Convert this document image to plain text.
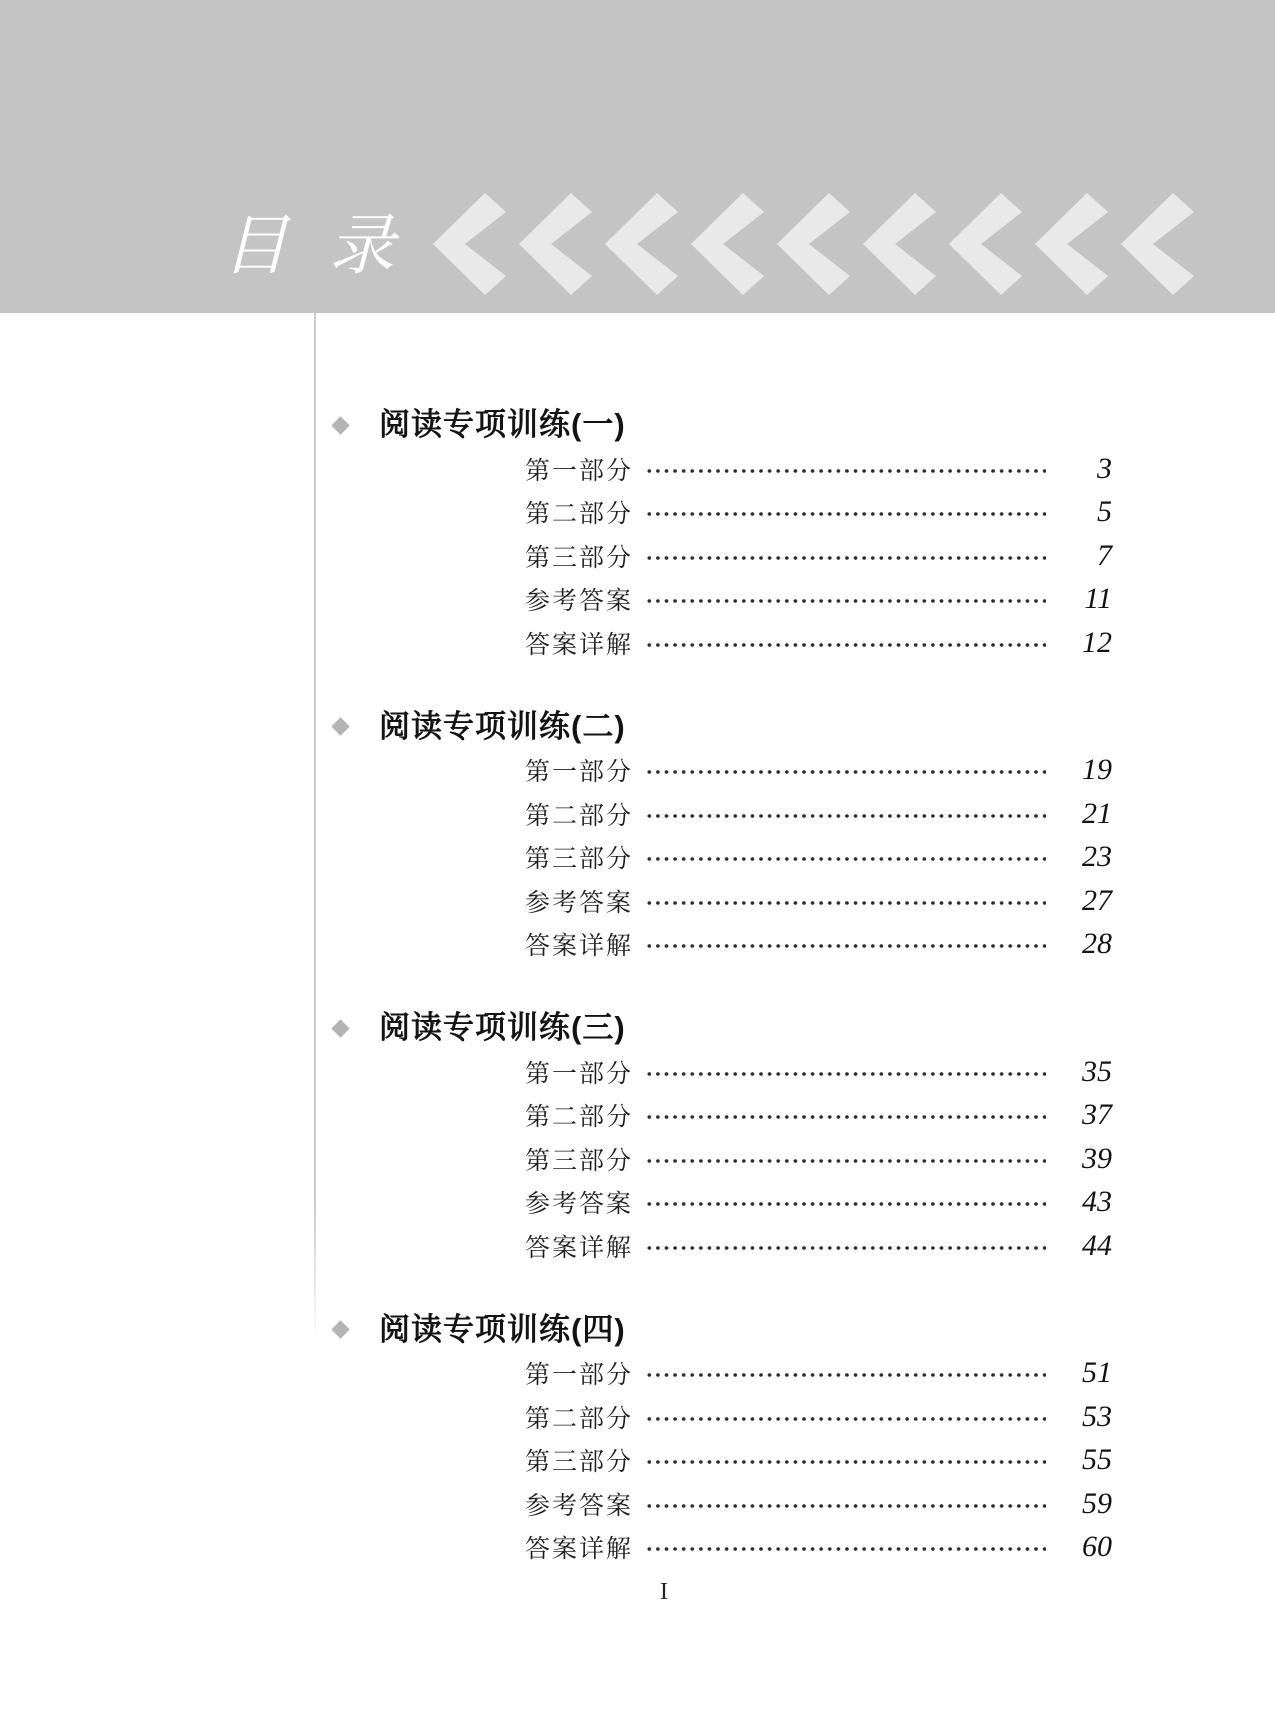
目 录
阅读专项训练(一)
第一部分	3
第二部分	5
第三部分	7
参考答案	11
答案详解	12
阅读专项训练(二)
第一部分	19
第二部分	21
第三部分	23
参考答案	27
答案详解	28
阅读专项训练(三)
第一部分	35
第二部分	37
第三部分	39
参考答案	43
答案详解	44
阅读专项训练(四)
第一部分	51
第二部分	53
第三部分	55
参考答案	59
答案详解	60
I
